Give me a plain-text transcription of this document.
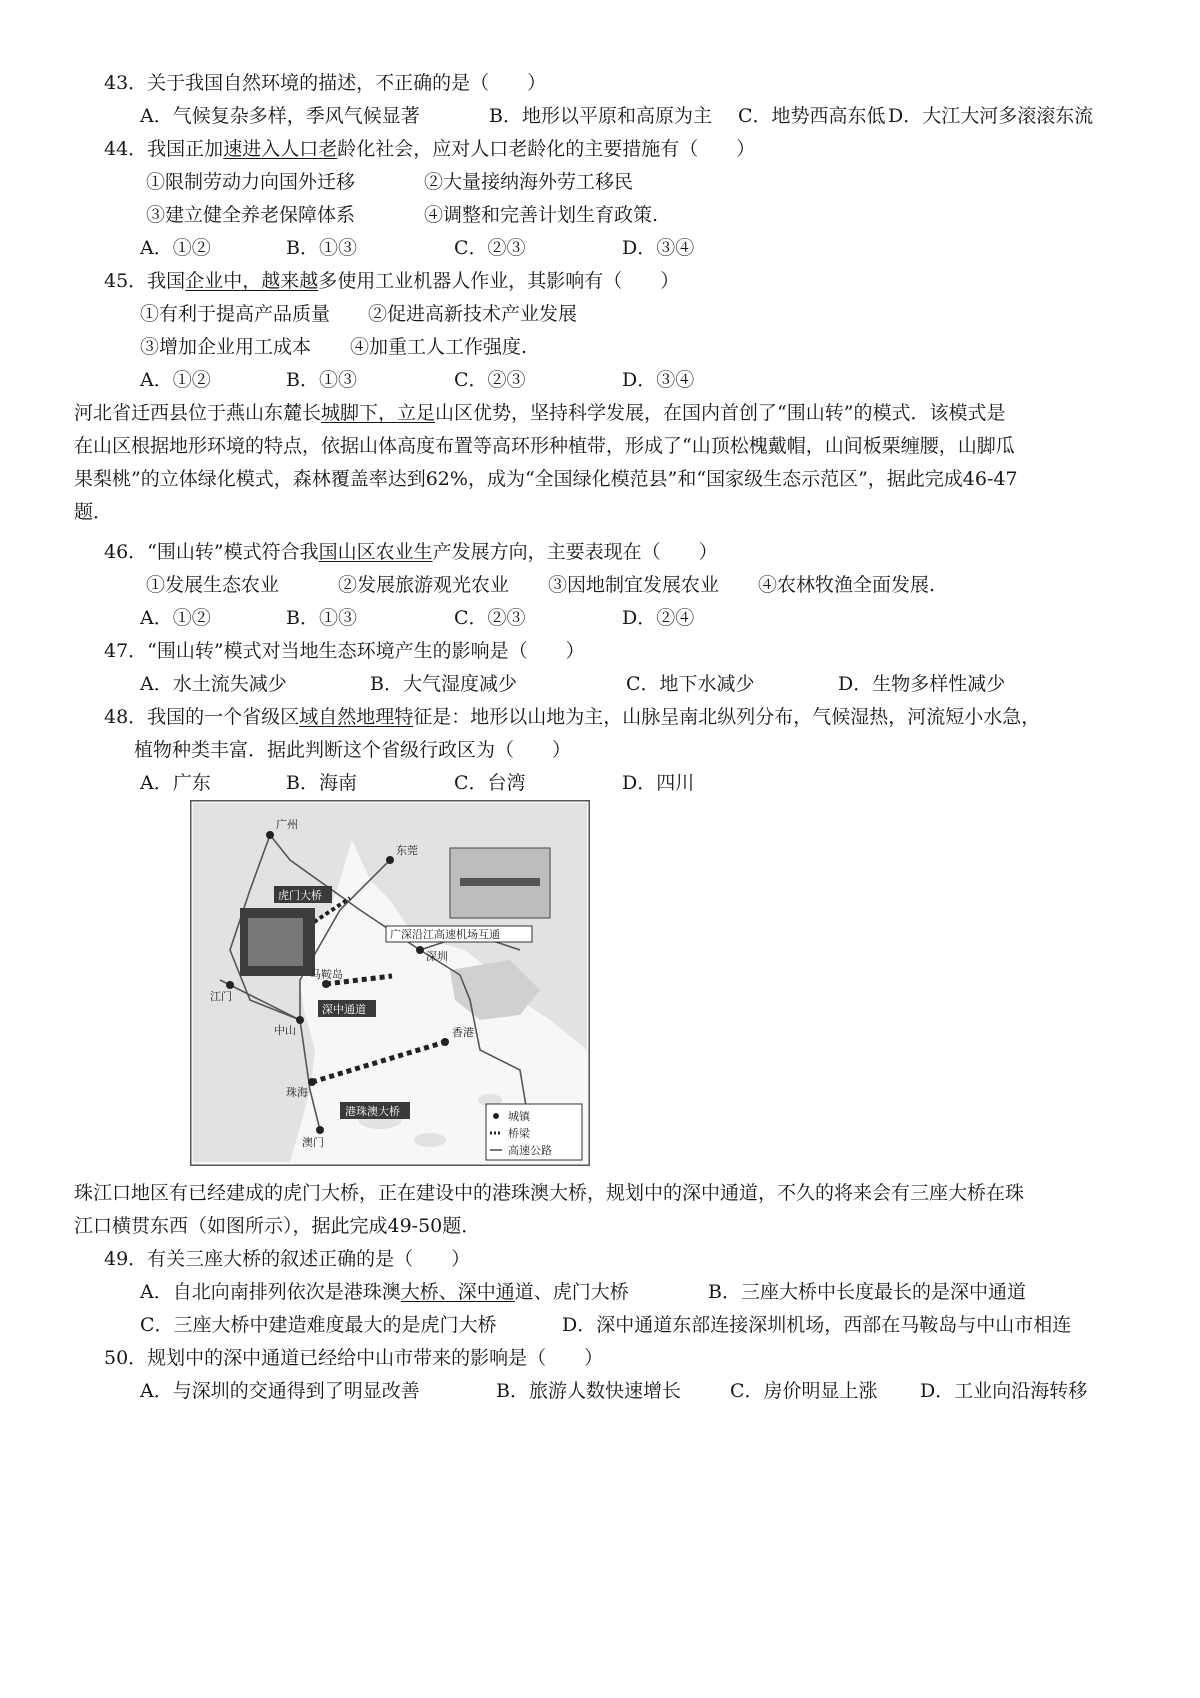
43．关于我国自然环境的描述，不正确的是（　　）
A．气候复杂多样，季风气候显著	B．地形以平原和高原为主 C．地势西高东低 D．大江大河多滚滚东流
44．我国正加速进入人口老龄化社会，应对人口老龄化的主要措施有（　　）
①限制劳动力向国外迁移	②大量接纳海外劳工移民
③建立健全养老保障体系	④调整和完善计划生育政策.
A．①②	B．①③	C．②③	D．③④
45．我国企业中，越来越多使用工业机器人作业，其影响有（　　）
①有利于提高产品质量 ②促进高新技术产业发展
③增加企业用工成本 ④加重工人工作强度.
A．①②	B．①③	C．②③	D．③④
河北省迁西县位于燕山东麓长城脚下，立足山区优势，坚持科学发展，在国内首创了“围山转”的模式．该模式是
在山区根据地形环境的特点，依据山体高度布置等高环形种植带，形成了“山顶松槐戴帽，山间板栗缠腰，山脚瓜
果梨桃”的立体绿化模式，森林覆盖率达到62%，成为“全国绿化模范县”和“国家级生态示范区”，据此完成46-47
题．
46．“围山转”模式符合我国山区农业生产发展方向，主要表现在（　　）
①发展生态农业	②发展旅游观光农业 ③因地制宜发展农业 ④农林牧渔全面发展.
A．①②	B．①③	C．②③	D．②④
47．“围山转”模式对当地生态环境产生的影响是（　　）
A．水土流失减少	B．大气湿度减少	C．地下水减少	D．生物多样性减少
48．我国的一个省级区域自然地理特征是：地形以山地为主，山脉呈南北纵列分布，气候湿热，河流短小水急，
植物种类丰富．据此判断这个省级行政区为（　　）
A．广东	B．海南	C．台湾	D．四川
广州
东莞
江门
中山
珠海
澳门
香港
深圳
马鞍岛
虎门大桥
深中通道
港珠澳大桥
广深沿江高速机场互通
城镇
桥梁
高速公路
珠江口地区有已经建成的虎门大桥，正在建设中的港珠澳大桥，规划中的深中通道，不久的将来会有三座大桥在珠
江口横贯东西（如图所示），据此完成49-50题．
49．有关三座大桥的叙述正确的是（　　）
A．自北向南排列依次是港珠澳大桥、深中通道、虎门大桥	B．三座大桥中长度最长的是深中通道
C．三座大桥中建造难度最大的是虎门大桥	D．深中通道东部连接深圳机场，西部在马鞍岛与中山市相连
50．规划中的深中通道已经给中山市带来的影响是（　　）
A．与深圳的交通得到了明显改善	B．旅游人数快速增长	C．房价明显上涨 D．工业向沿海转移
